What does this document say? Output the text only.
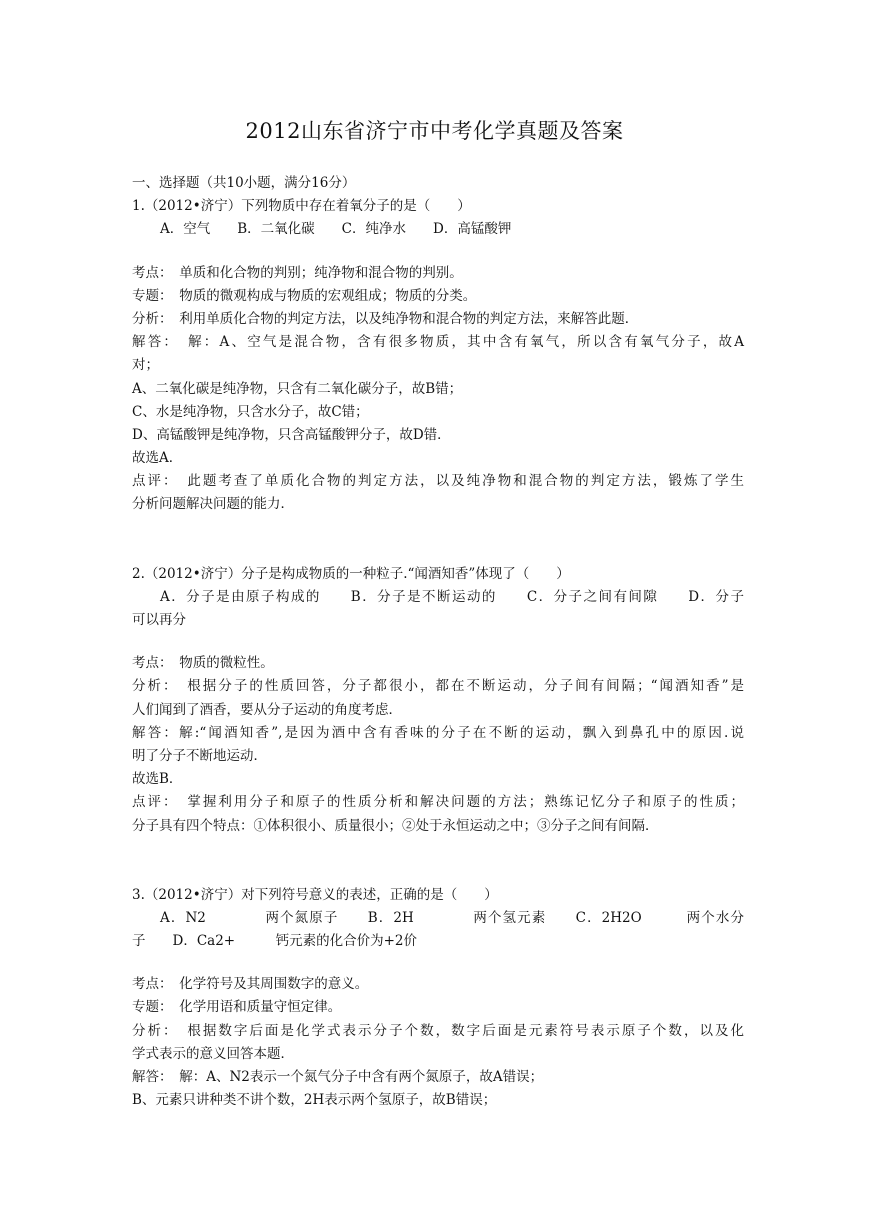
2012山东省济宁市中考化学真题及答案
一、选择题（共10小题，满分16分）
1.（2012•济宁）下列物质中存在着氧分子的是（　　）
A．空气　　B．二氧化碳　　C．纯净水　　D．高锰酸钾
考点：　单质和化合物的判别；纯净物和混合物的判别。
专题：　物质的微观构成与物质的宏观组成；物质的分类。
分析：　利用单质化合物的判定方法，以及纯净物和混合物的判定方法，来解答此题．
解答：　解：A、空气是混合物，含有很多物质，其中含有氧气，所以含有氧气分子，故A
对；
A、二氧化碳是纯净物，只含有二氧化碳分子，故B错；
C、水是纯净物，只含水分子，故C错；
D、高锰酸钾是纯净物，只含高锰酸钾分子，故D错．
故选A．
点评：　此题考查了单质化合物的判定方法，以及纯净物和混合物的判定方法，锻炼了学生
分析问题解决问题的能力．
2.（2012•济宁）分子是构成物质的一种粒子.“闻酒知香”体现了（　　）
A．分子是由原子构成的　　B．分子是不断运动的　　C．分子之间有间隙　　D．分子
可以再分
考点：　物质的微粒性。
分析：　根据分子的性质回答，分子都很小，都在不断运动，分子间有间隔；“闻酒知香”是
人们闻到了酒香，要从分子运动的角度考虑．
解答：解:“闻酒知香”,是因为酒中含有香味的分子在不断的运动，飘入到鼻孔中的原因.说
明了分子不断地运动．
故选B．
点评：　掌握利用分子和原子的性质分析和解决问题的方法；熟练记忆分子和原子的性质；
分子具有四个特点：①体积很小、质量很小；②处于永恒运动之中；③分子之间有间隔．
3.（2012•济宁）对下列符号意义的表述，正确的是（　　）
A．N2　　　　两个氮原子　　B．2H　　　　两个氢元素　　C．2H2O　　　两个水分
子　　D．Ca2+　　　钙元素的化合价为+2价
考点：　化学符号及其周围数字的意义。
专题：　化学用语和质量守恒定律。
分析：　根据数字后面是化学式表示分子个数，数字后面是元素符号表示原子个数，以及化
学式表示的意义回答本题．
解答：　解：A、N2表示一个氮气分子中含有两个氮原子，故A错误；
B、元素只讲种类不讲个数，2H表示两个氢原子，故B错误；
